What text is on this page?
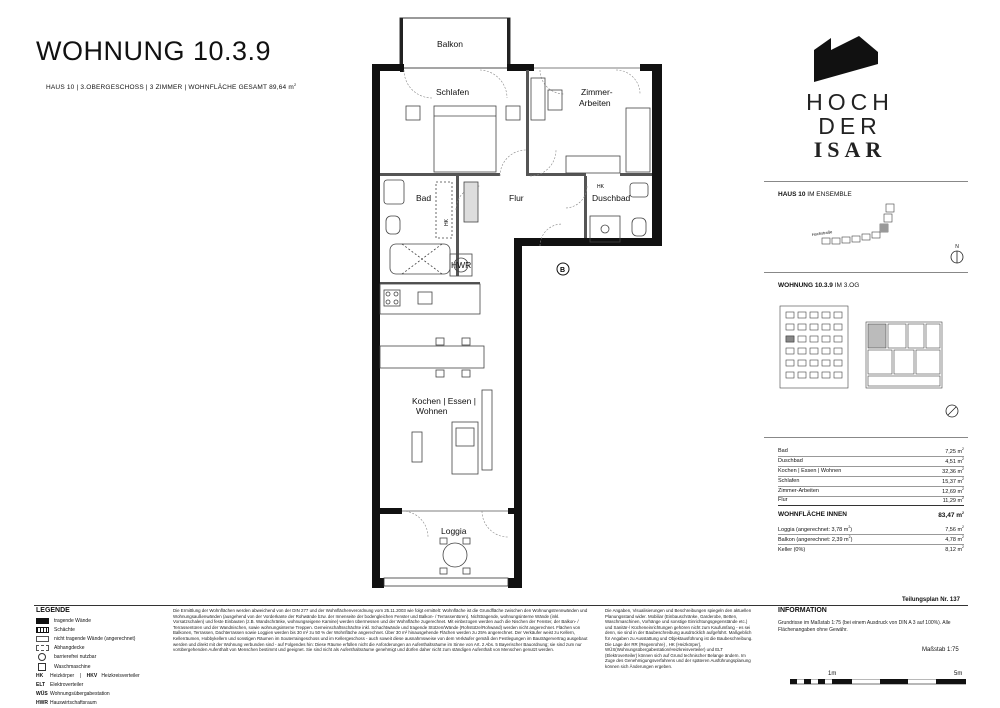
WOHNUNG 10.3.9
HAUS 10 | 3.OBERGESCHOSS | 3 ZIMMER | WOHNFLÄCHE GESAMT 89,64 $m^2$
HOCH
DER
ISAR
Balkon
Schlafen	Zimmer-
Arbeiten
Bad	Flur	Duschbad
HWR
HK
HK
B
Kochen | Essen |
Wohnen
Loggia
HAUS 10 IM ENSEMBLE
Hochstraße
N
WOHNUNG 10.3.9 IM 3.OG
Bad	7,25 $m^2$
Duschbad	4,51 $m^2$
Kochen | Essen | Wohnen	32,36 $m^2$
Schlafen	15,37 $m^2$
Zimmer-Arbeiten	12,69 $m^2$
Flur	11,29 $m^2$
WOHNFLÄCHE INNEN	83,47 $m^2$
Loggia (angerechnet: 3,78 $m^2$)	7,56 $m^2$
Balkon (angerechnet: 2,39 $m^2$)	4,78 $m^2$
Keller (0%)	8,12 $m^2$
Teilungsplan Nr. 137
LEGENDE
tragende Wände
Schächte
nicht tragende Wände (angerechnet)
Abhangdecke
barrierefrei nutzbar
Waschmaschine
HK	Heizkörper    | HKV Heizkreisverteiler
ELT Elektroverteiler
WÜS Wohnungsübergabestation
HWR Hauswirtschaftsraum
Die Ermittlung der Wohnflächen werden abweichend von der DIN 277 und der Wohnflächenverordnung vom 25.11.2003 wie folgt ermittelt: Wohnfläche ist die Grundfläche zwischen den Wohnungstrennwänden und Wohnungsaußenwänden (ausgehend von der Vorderkante der Rohwände bzw. der Innenseite der bodengleichen Fenster und Balkon- / Terrassentüren). Nichttragende, wohnungsinterne Wände (inkl. Vorsatzschalen) und feste Einbauten (z.B. Wandschränke, wohnungseigene Kamine) werden übermessen und der Wohnfläche zugerechnet. Mit einbezogen werden auch die Nischen der Fenster, der Balkon- / Terrassentüren und der Wandnischen, sowie wohnungsinterne Treppen. Gemeinschaftsschächte inkl. Schachtwände und tragende Stützen/Wände (Rohstütze/Rohwand) werden nicht angerechnet. Flächen von Balkonen, Terrassen, Dachterrassen sowie Loggien werden bis 30 m² zu 50 % der Wohnfläche angerechnet. Über 30 m² hinausgehende Flächen werden zu 25% angerechnet. Der Verkäufer weist zu Kellern, Kellerräumen, Hobbykellern und sonstigen Räumen im Souterraingeschoss und im Kellergeschoss - auch soweit diese ausnahmsweise von dem Verkäufer gemäß den Festlegungen im Bauträgervertrag ausgebaut werden und direkt mit der Wohnung verbunden sind - auf Folgendes hin: Diese Räume erfüllen nicht die Anforderungen an Aufenthaltsräume im Sinne von Art. 2 Abs. 5 Bayerischer Bauordnung; sie sind zum nur vorübergehenden Aufenthalt von Menschen bestimmt und geeignet. Sie sind nicht als Aufenthaltsräume genehmigt und dürfen daher nicht zum ständigen Aufenthalt von Menschen genutzt werden.
Die Angaben, Visualisierungen und Beschreibungen spiegeln den aktuellen Planungsstand wider. Mobiliar (Einbauschränke, Garderobe, Betten, Waschmaschinen, Vorhänge und sonstige Einrichtungsgegenstände etc.) und Sanitär-/ Kücheneinrichtungen gehören nicht zum Kaufumfang - es sei denn, sie sind in der Baubeschreibung ausdrücklich aufgeführt. Maßgeblich für Angaben zu Ausstattung und Objektausführung ist die Baubeschreibung. Die Lage der RR (Regenrohre) , HK (Heizkörper), WÜS(Wohnungsübergabestation/Heizkreisverteiler) und ELT (Elektroverteiler) können sich auf Grund technischer Belange ändern. Im Zuge des Genehmigungsverfahrens und der späteren Ausführungsplanung können sich Änderungen ergeben.
INFORMATION
Grundrisse im Maßstab 1:75 (bei einem Ausdruck von DIN A 3 auf 100%). Alle Flächenangaben ohne Gewähr.
Maßstab 1:75
1m	5m
